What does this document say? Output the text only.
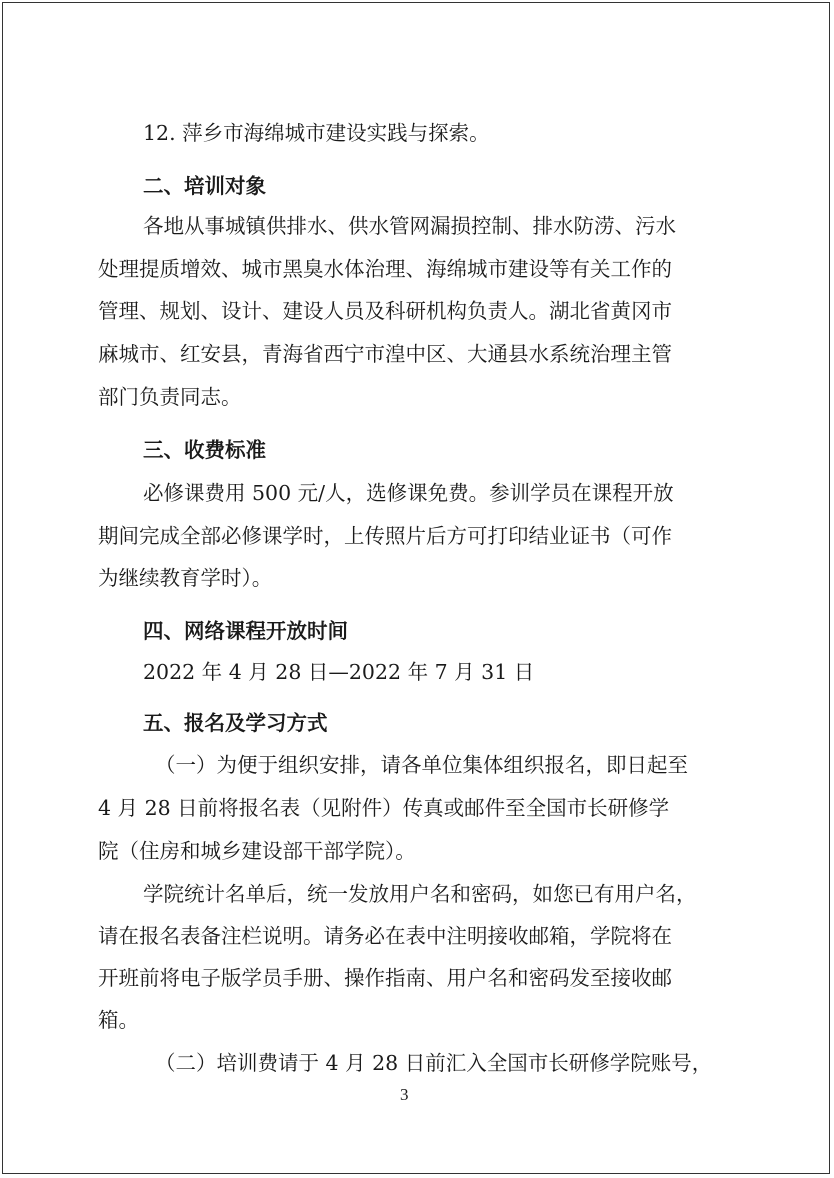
12. 萍乡市海绵城市建设实践与探索。
二、培训对象
各地从事城镇供排水、供水管网漏损控制、排水防涝、污水
处理提质增效、城市黑臭水体治理、海绵城市建设等有关工作的
管理、规划、设计、建设人员及科研机构负责人。湖北省黄冈市
麻城市、红安县，青海省西宁市湟中区、大通县水系统治理主管
部门负责同志。
三、收费标准
必修课费用 500 元/人，选修课免费。参训学员在课程开放
期间完成全部必修课学时，上传照片后方可打印结业证书（可作
为继续教育学时）。
四、网络课程开放时间
2022 年 4 月 28 日—2022 年 7 月 31 日
五、报名及学习方式
（一）为便于组织安排，请各单位集体组织报名，即日起至
4 月 28 日前将报名表（见附件）传真或邮件至全国市长研修学
院（住房和城乡建设部干部学院）。
学院统计名单后，统一发放用户名和密码，如您已有用户名，
请在报名表备注栏说明。请务必在表中注明接收邮箱，学院将在
开班前将电子版学员手册、操作指南、用户名和密码发至接收邮
箱。
（二）培训费请于 4 月 28 日前汇入全国市长研修学院账号，
3
